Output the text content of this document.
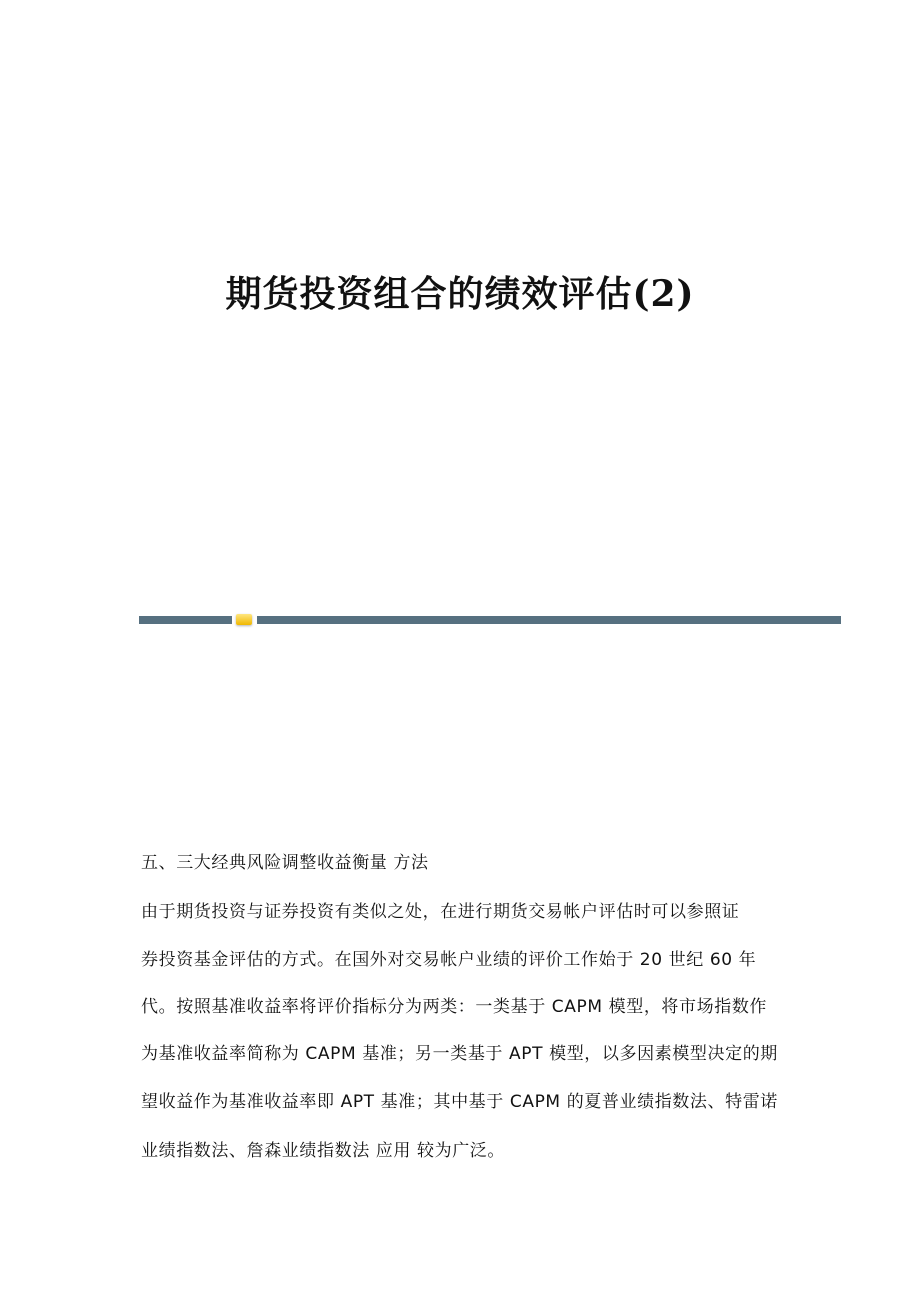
期货投资组合的绩效评估(2)
五、三大经典风险调整收益衡量 方法
由于期货投资与证券投资有类似之处，在进行期货交易帐户评估时可以参照证
券投资基金评估的方式。在国外对交易帐户业绩的评价工作始于 20 世纪 60 年
代。按照基准收益率将评价指标分为两类：一类基于 CAPM 模型，将市场指数作
为基准收益率简称为 CAPM 基准；另一类基于 APT 模型，以多因素模型决定的期
望收益作为基准收益率即 APT 基准；其中基于 CAPM 的夏普业绩指数法、特雷诺
业绩指数法、詹森业绩指数法 应用 较为广泛。
